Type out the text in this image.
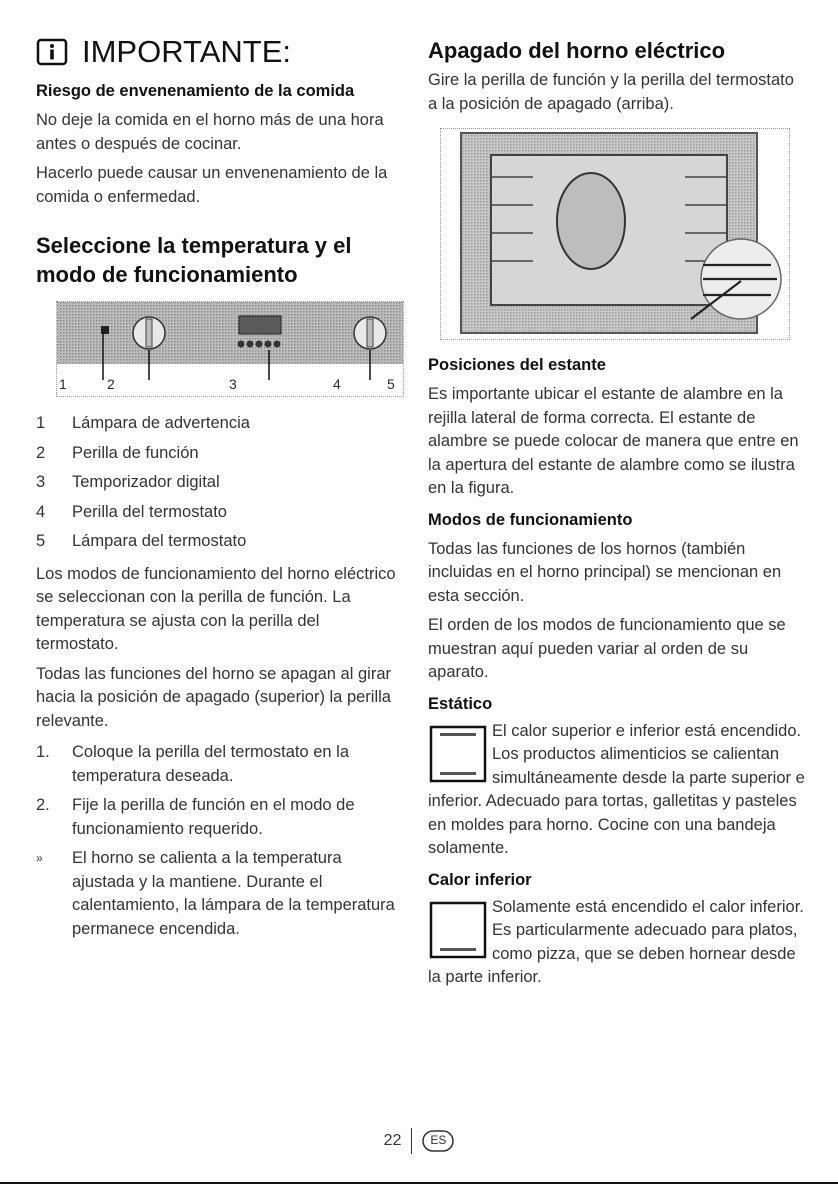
IMPORTANTE:
Riesgo de envenenamiento de la comida

No deje la comida en el horno más de una hora antes o después de cocinar.

Hacerlo puede causar un envenenamiento de la comida o enfermedad.

Seleccione la temperatura y el modo de funcionamiento
1	2	3	4	5
1	Lámpara de advertencia
2	Perilla de función
3	Temporizador digital
4	Perilla del termostato
5	Lámpara del termostato

Los modos de funcionamiento del horno eléctrico se seleccionan con la perilla de función. La temperatura se ajusta con la perilla del termostato.

Todas las funciones del horno se apagan al girar hacia la posición de apagado (superior) la perilla relevante.

1.	Coloque la perilla del termostato en la temperatura deseada.
2.	Fije la perilla de función en el modo de funcionamiento requerido.
»	El horno se calienta a la temperatura ajustada y la mantiene. Durante el calentamiento, la lámpara de la temperatura permanece encendida.
Apagado del horno eléctrico

Gire la perilla de función y la perilla del termostato a la posición de apagado (arriba).

Posiciones del estante

Es importante ubicar el estante de alambre en la rejilla lateral de forma correcta. El estante de alambre se puede colocar de manera que entre en la apertura del estante de alambre como se ilustra en la figura.

Modos de funcionamiento

Todas las funciones de los hornos (también incluidas en el horno principal) se mencionan en esta sección.

El orden de los modos de funcionamiento que se muestran aquí pueden variar al orden de su aparato.

Estático

El calor superior e inferior está encendido. Los productos alimenticios se calientan simultáneamente desde la parte superior e inferior. Adecuado para tortas, galletitas y pasteles en moldes para horno. Cocine con una bandeja solamente.

Calor inferior

Solamente está encendido el calor inferior. Es particularmente adecuado para platos, como pizza, que se deben hornear desde la parte inferior.

22	ES
